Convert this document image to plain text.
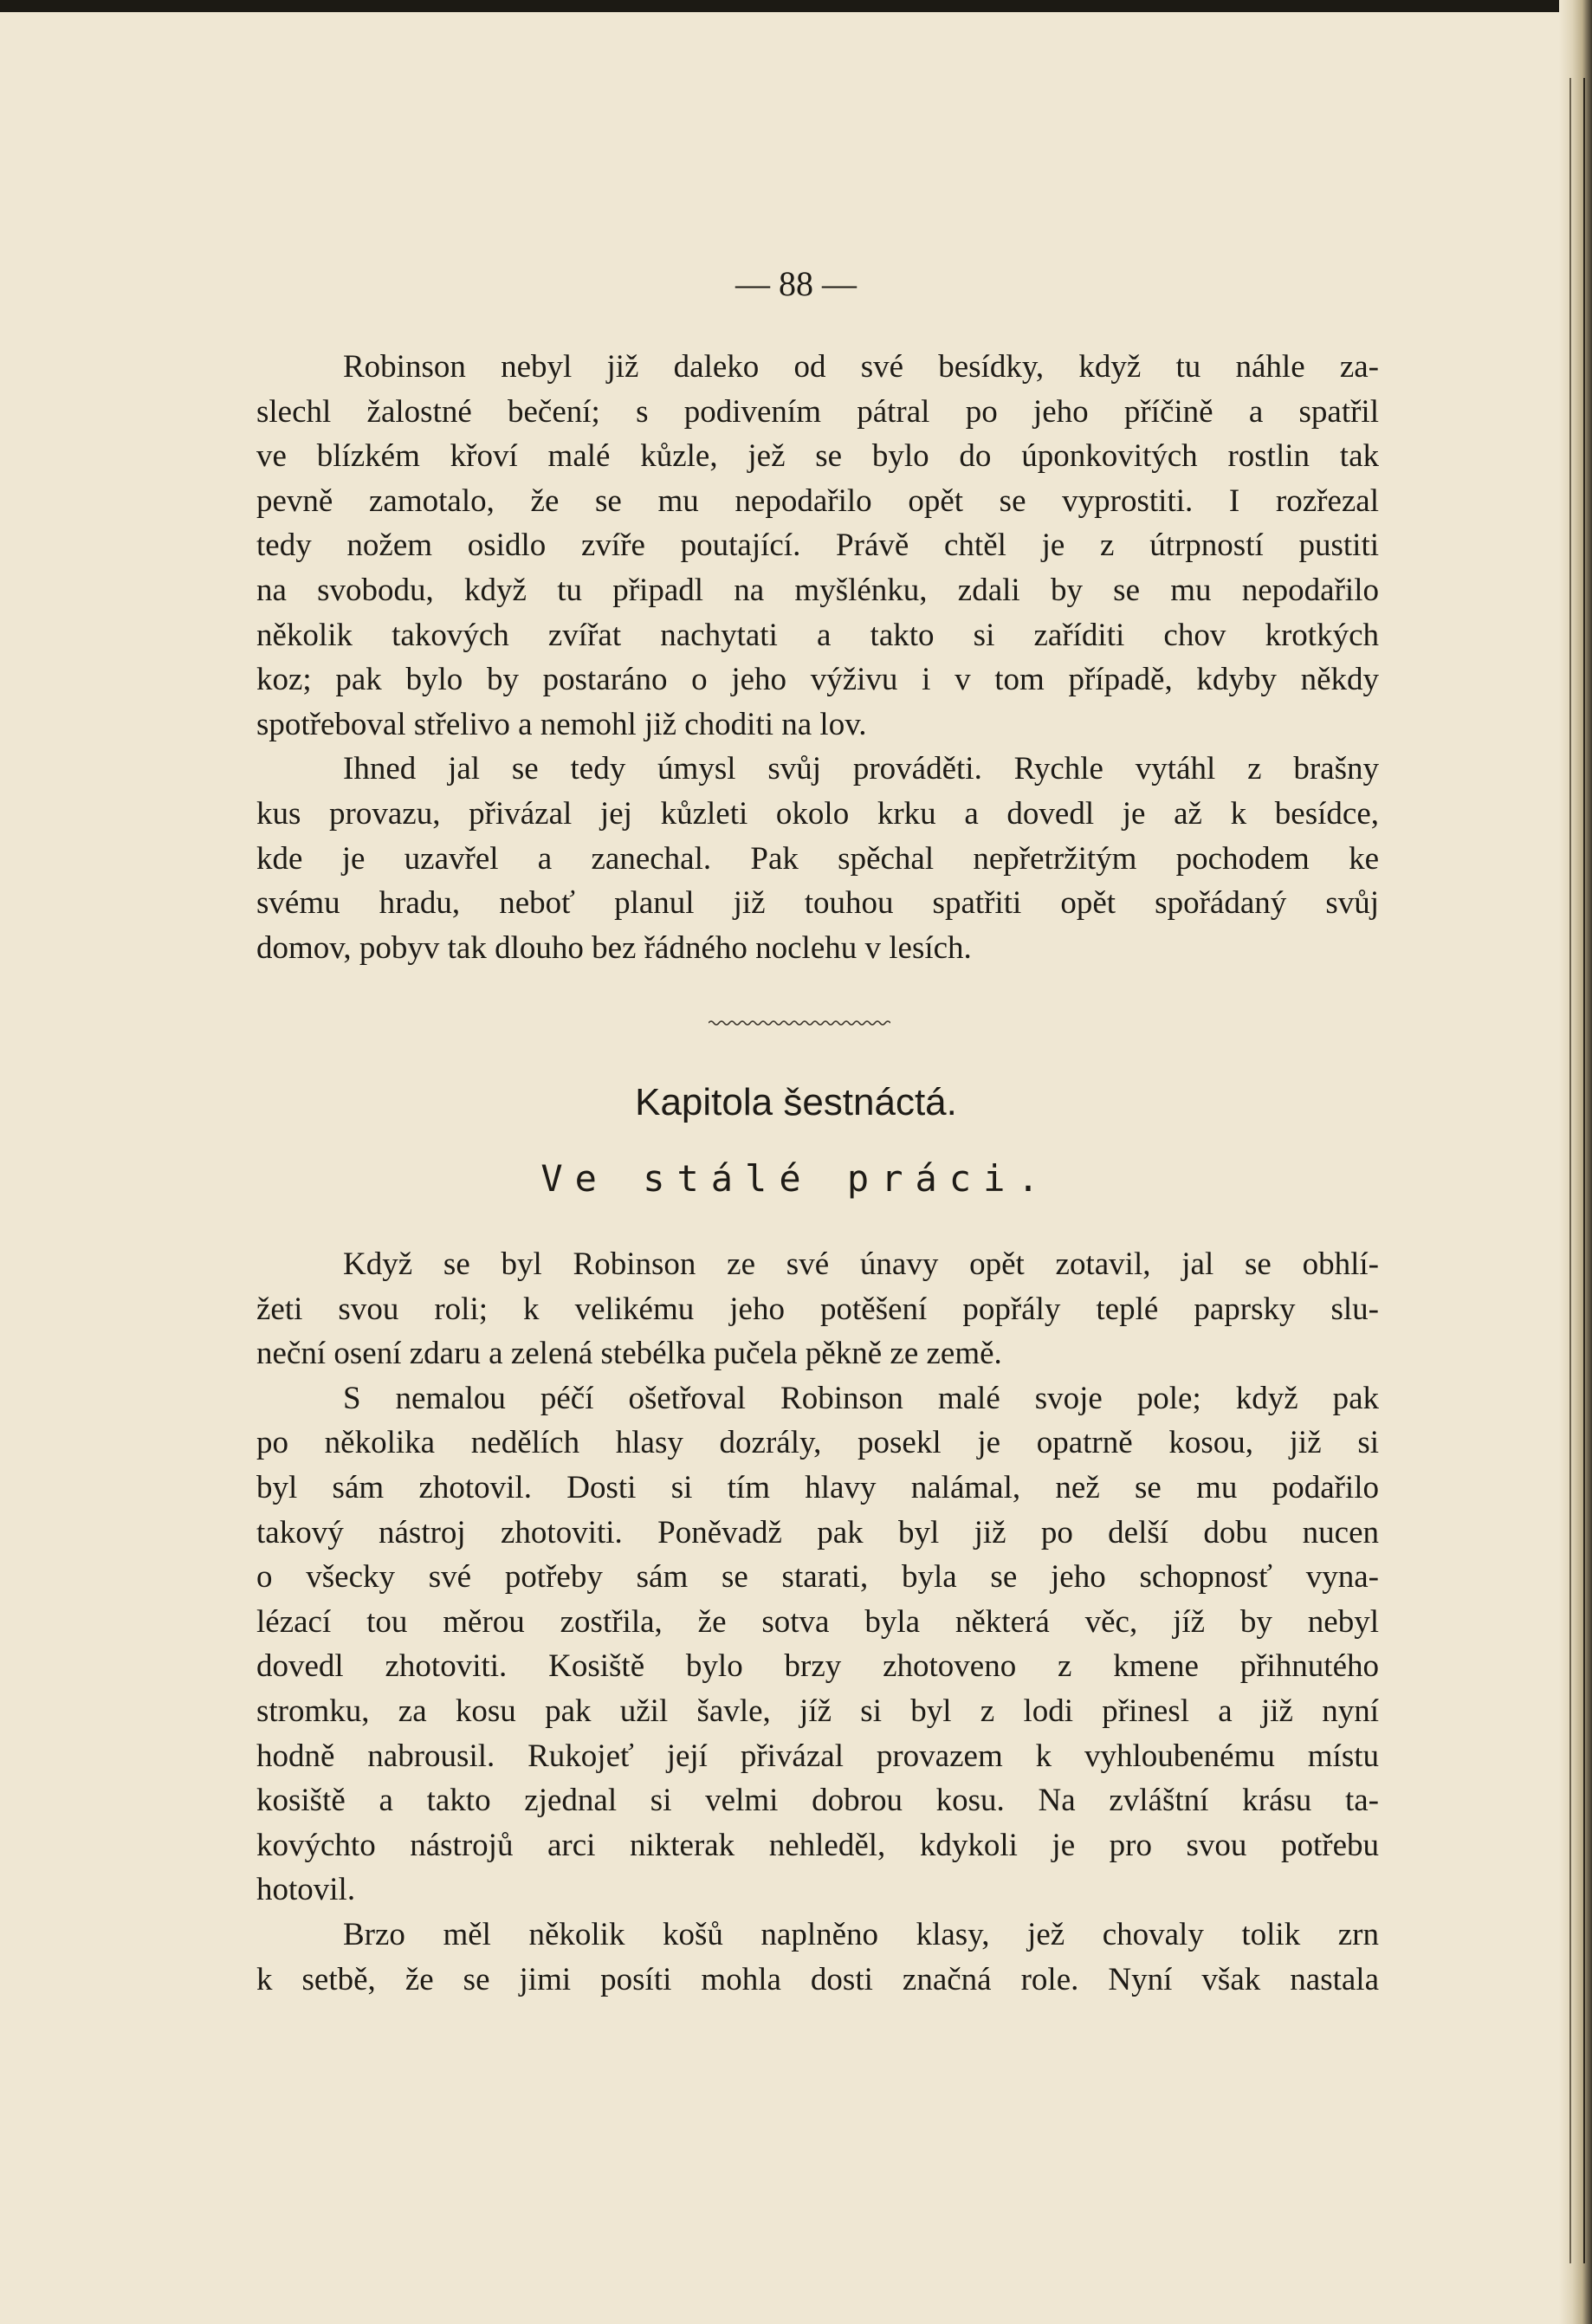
— 88 —

Robinson nebyl již daleko od své besídky, když tu náhle za-
slechl žalostné bečení; s podivením pátral po jeho příčině a spatřil
ve blízkém křoví malé kůzle, jež se bylo do úponkovitých rostlin tak
pevně zamotalo, že se mu nepodařilo opět se vyprostiti. I rozřezal
tedy nožem osidlo zvíře poutající. Právě chtěl je z útrpností pustiti
na svobodu, když tu připadl na myšlénku, zdali by se mu nepodařilo
několik takových zvířat nachytati a takto si zaříditi chov krotkých
koz; pak bylo by postaráno o jeho výživu i v tom případě, kdyby někdy
spotřeboval střelivo a nemohl již choditi na lov.

Ihned jal se tedy úmysl svůj prováděti. Rychle vytáhl z brašny
kus provazu, přivázal jej kůzleti okolo krku a dovedl je až k besídce,
kde je uzavřel a zanechal. Pak spěchal nepřetržitým pochodem ke
svému hradu, neboť planul již touhou spatřiti opět spořádaný svůj
domov, pobyv tak dlouho bez řádného noclehu v lesích.

Kapitola šestnáctá.
Ve stálé práci.

Když se byl Robinson ze své únavy opět zotavil, jal se obhlí-
žeti svou roli; k velikému jeho potěšení popřály teplé paprsky slu-
neční osení zdaru a zelená stebélka pučela pěkně ze země.

S nemalou péčí ošetřoval Robinson malé svoje pole; když pak
po několika nedělích hlasy dozrály, posekl je opatrně kosou, již si
byl sám zhotovil. Dosti si tím hlavy nalámal, než se mu podařilo
takový nástroj zhotoviti. Poněvadž pak byl již po delší dobu nucen
o všecky své potřeby sám se starati, byla se jeho schopnosť vyna-
lézací tou měrou zostřila, že sotva byla některá věc, jíž by nebyl
dovedl zhotoviti. Kosiště bylo brzy zhotoveno z kmene přihnutého
stromku, za kosu pak užil šavle, jíž si byl z lodi přinesl a již nyní
hodně nabrousil. Rukojeť její přivázal provazem k vyhloubenému místu
kosiště a takto zjednal si velmi dobrou kosu. Na zvláštní krásu ta-
kovýchto nástrojů arci nikterak nehleděl, kdykoli je pro svou potřebu
hotovil.

Brzo měl několik košů naplněno klasy, jež chovaly tolik zrn
k setbě, že se jimi posíti mohla dosti značná role. Nyní však nastala
